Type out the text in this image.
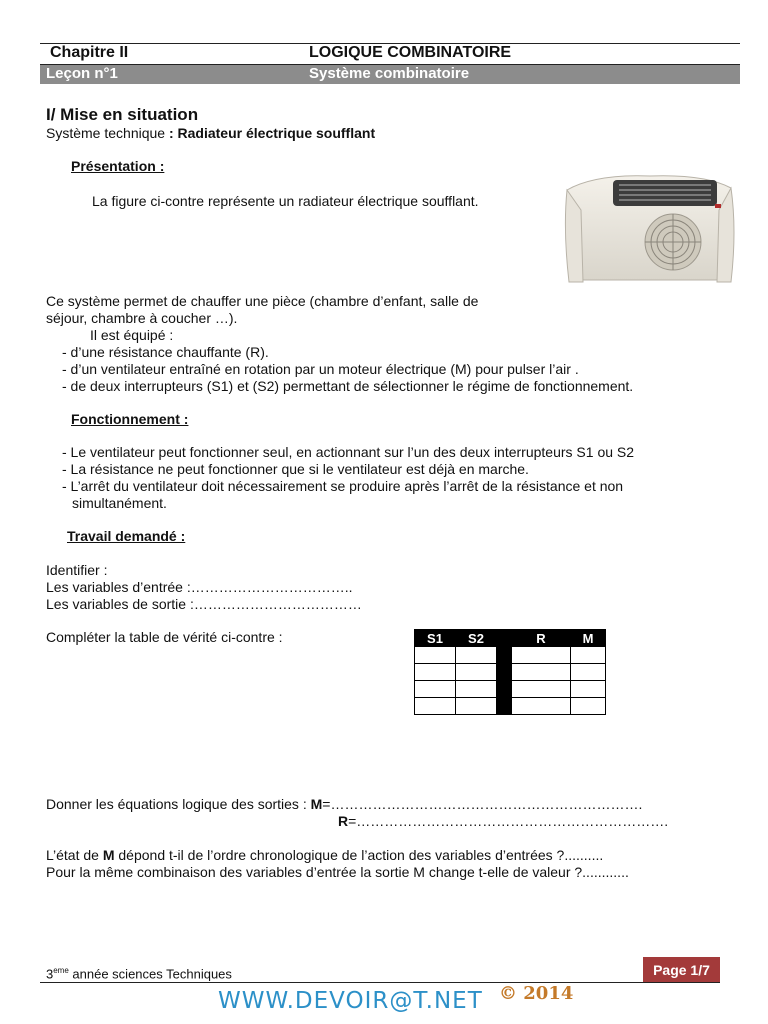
Chapitre II	LOGIQUE COMBINATOIRE
Leçon n°1	Système combinatoire
I/ Mise en situation
Système technique : Radiateur électrique soufflant
Présentation :
La figure ci-contre représente un radiateur électrique soufflant.
Ce système permet de chauffer une pièce (chambre d’enfant, salle de
séjour, chambre à coucher …).
Il est équipé :
- d’une résistance chauffante (R).
- d’un ventilateur entraîné en rotation par un moteur électrique (M) pour pulser l’air .
- de deux interrupteurs (S1) et (S2) permettant de sélectionner le régime de fonctionnement.
Fonctionnement :
- Le ventilateur peut fonctionner seul, en actionnant sur l’un des deux interrupteurs S1 ou S2
- La résistance ne peut fonctionner que si le ventilateur est déjà en marche.
- L’arrêt du ventilateur doit nécessairement se produire après l’arrêt de la résistance et non
simultanément.
Travail demandé :
Identifier :
Les variables d’entrée :……………………………..
Les variables de sortie :………………………………
Compléter la table de vérité ci-contre :	S1	S2		R	M

Donner les équations logique des sorties : M=………………………………………………………….
R=………………………………………………………….
L’état de M dépond t-il de l’ordre chronologique de l’action des variables d’entrées ?..........
Pour la même combinaison des variables d’entrée la sortie M change t-elle de valeur ?............
3eme année sciences Techniques	Page 1/7
WWW.DEVOIR@T.NET © 2014
